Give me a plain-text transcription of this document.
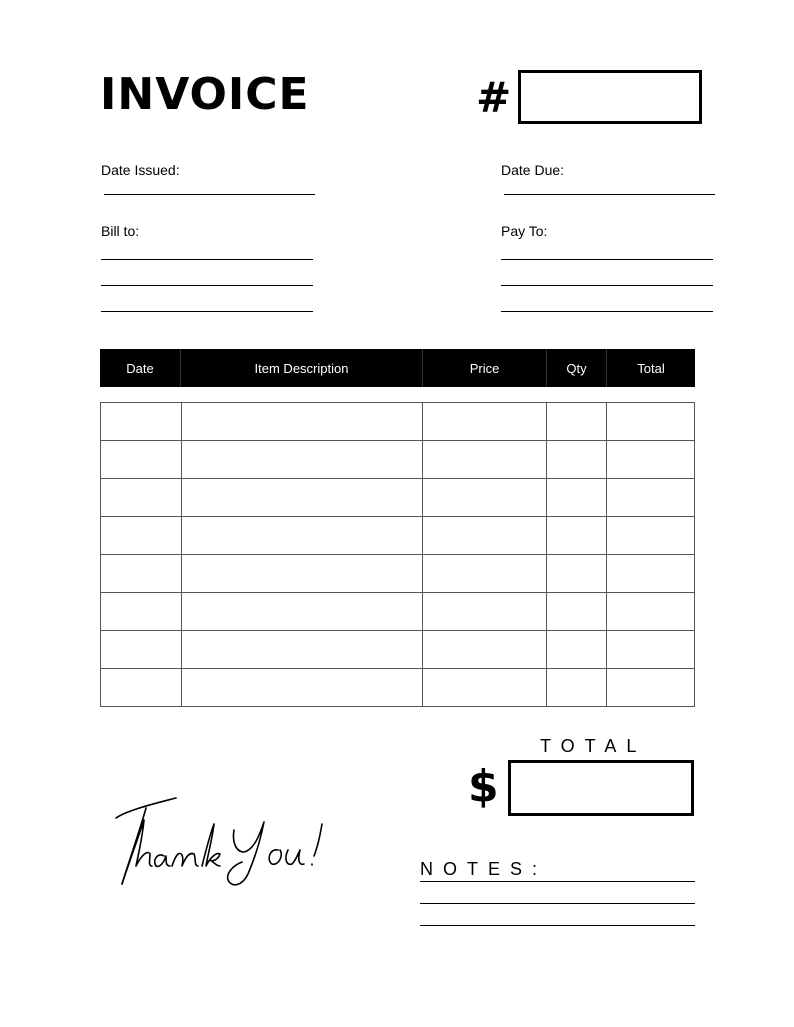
INVOICE	#
Date Issued:	Date Due:
Bill to:	Pay To:
Date	Item Description	Price	Qty	Total

TOTAL
$
NOTES:
